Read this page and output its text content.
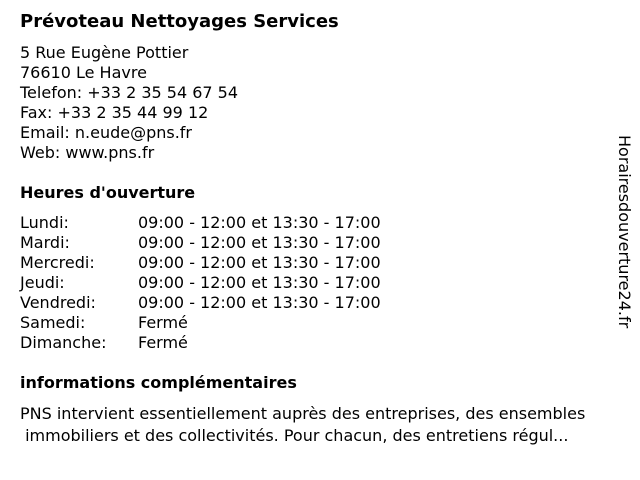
Prévoteau Nettoyages Services
5 Rue Eugène Pottier
76610 Le Havre
Telefon: +33 2 35 54 67 54
Fax: +33 2 35 44 99 12
Email: n.eude@pns.fr
Web: www.pns.fr
Heures d'ouverture
Lundi:	09:00 - 12:00 et 13:30 - 17:00
Mardi:	09:00 - 12:00 et 13:30 - 17:00
Mercredi:	09:00 - 12:00 et 13:30 - 17:00
Jeudi:	09:00 - 12:00 et 13:30 - 17:00
Vendredi:	09:00 - 12:00 et 13:30 - 17:00
Samedi:	Fermé
Dimanche: Fermé
informations complémentaires
PNS intervient essentiellement auprès des entreprises, des ensembles
immobiliers et des collectivités. Pour chacun, des entretiens régul...
Horairesdouverture24.fr
